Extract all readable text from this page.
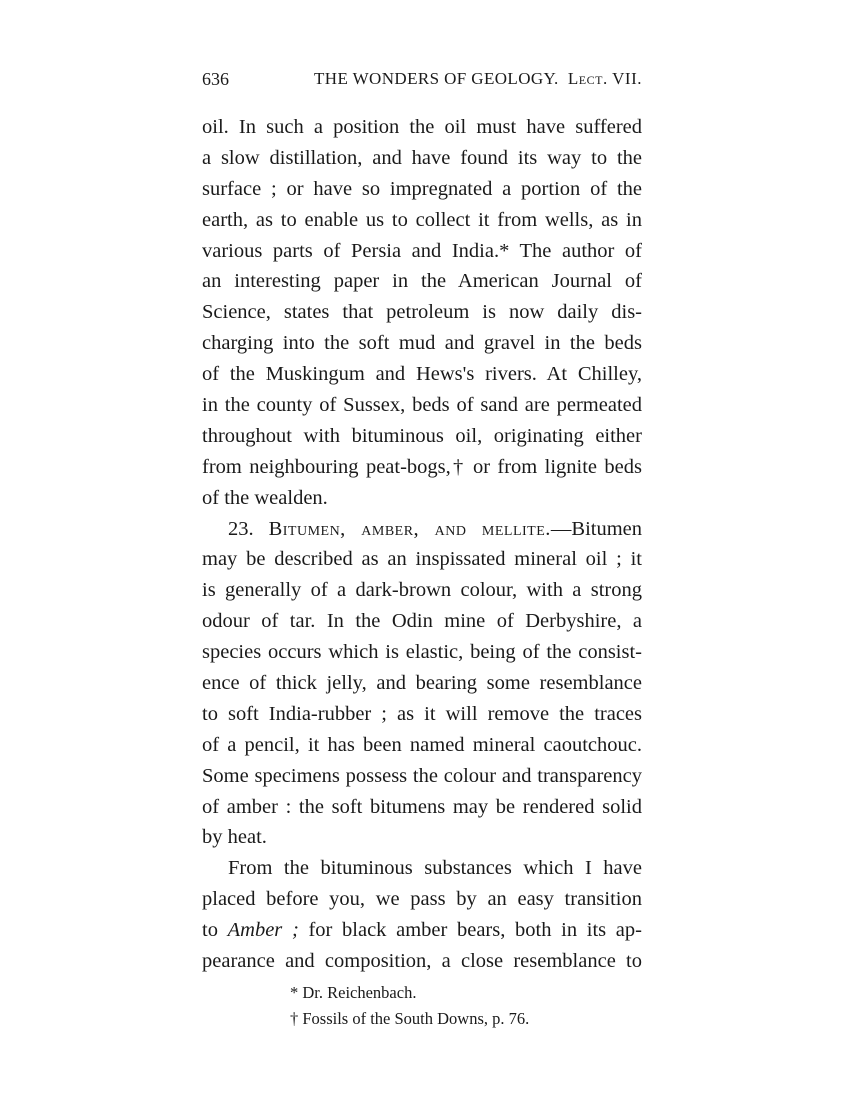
636	THE WONDERS OF GEOLOGY. Lect. VII.
oil. In such a position the oil must have suffered
a slow distillation, and have found its way to the
surface ; or have so impregnated a portion of the
earth, as to enable us to collect it from wells, as in
various parts of Persia and India.* The author of
an interesting paper in the American Journal of
Science, states that petroleum is now daily dis-
charging into the soft mud and gravel in the beds
of the Muskingum and Hews's rivers. At Chilley,
in the county of Sussex, beds of sand are permeated
throughout with bituminous oil, originating either
from neighbouring peat-bogs,† or from lignite beds
of the wealden.
23. Bitumen, amber, and mellite.—Bitumen
may be described as an inspissated mineral oil ; it
is generally of a dark-brown colour, with a strong
odour of tar. In the Odin mine of Derbyshire, a
species occurs which is elastic, being of the consist-
ence of thick jelly, and bearing some resemblance
to soft India-rubber ; as it will remove the traces
of a pencil, it has been named mineral caoutchouc.
Some specimens possess the colour and transparency
of amber : the soft bitumens may be rendered solid
by heat.
From the bituminous substances which I have
placed before you, we pass by an easy transition
to Amber ; for black amber bears, both in its ap-
pearance and composition, a close resemblance to
* Dr. Reichenbach.
† Fossils of the South Downs, p. 76.
